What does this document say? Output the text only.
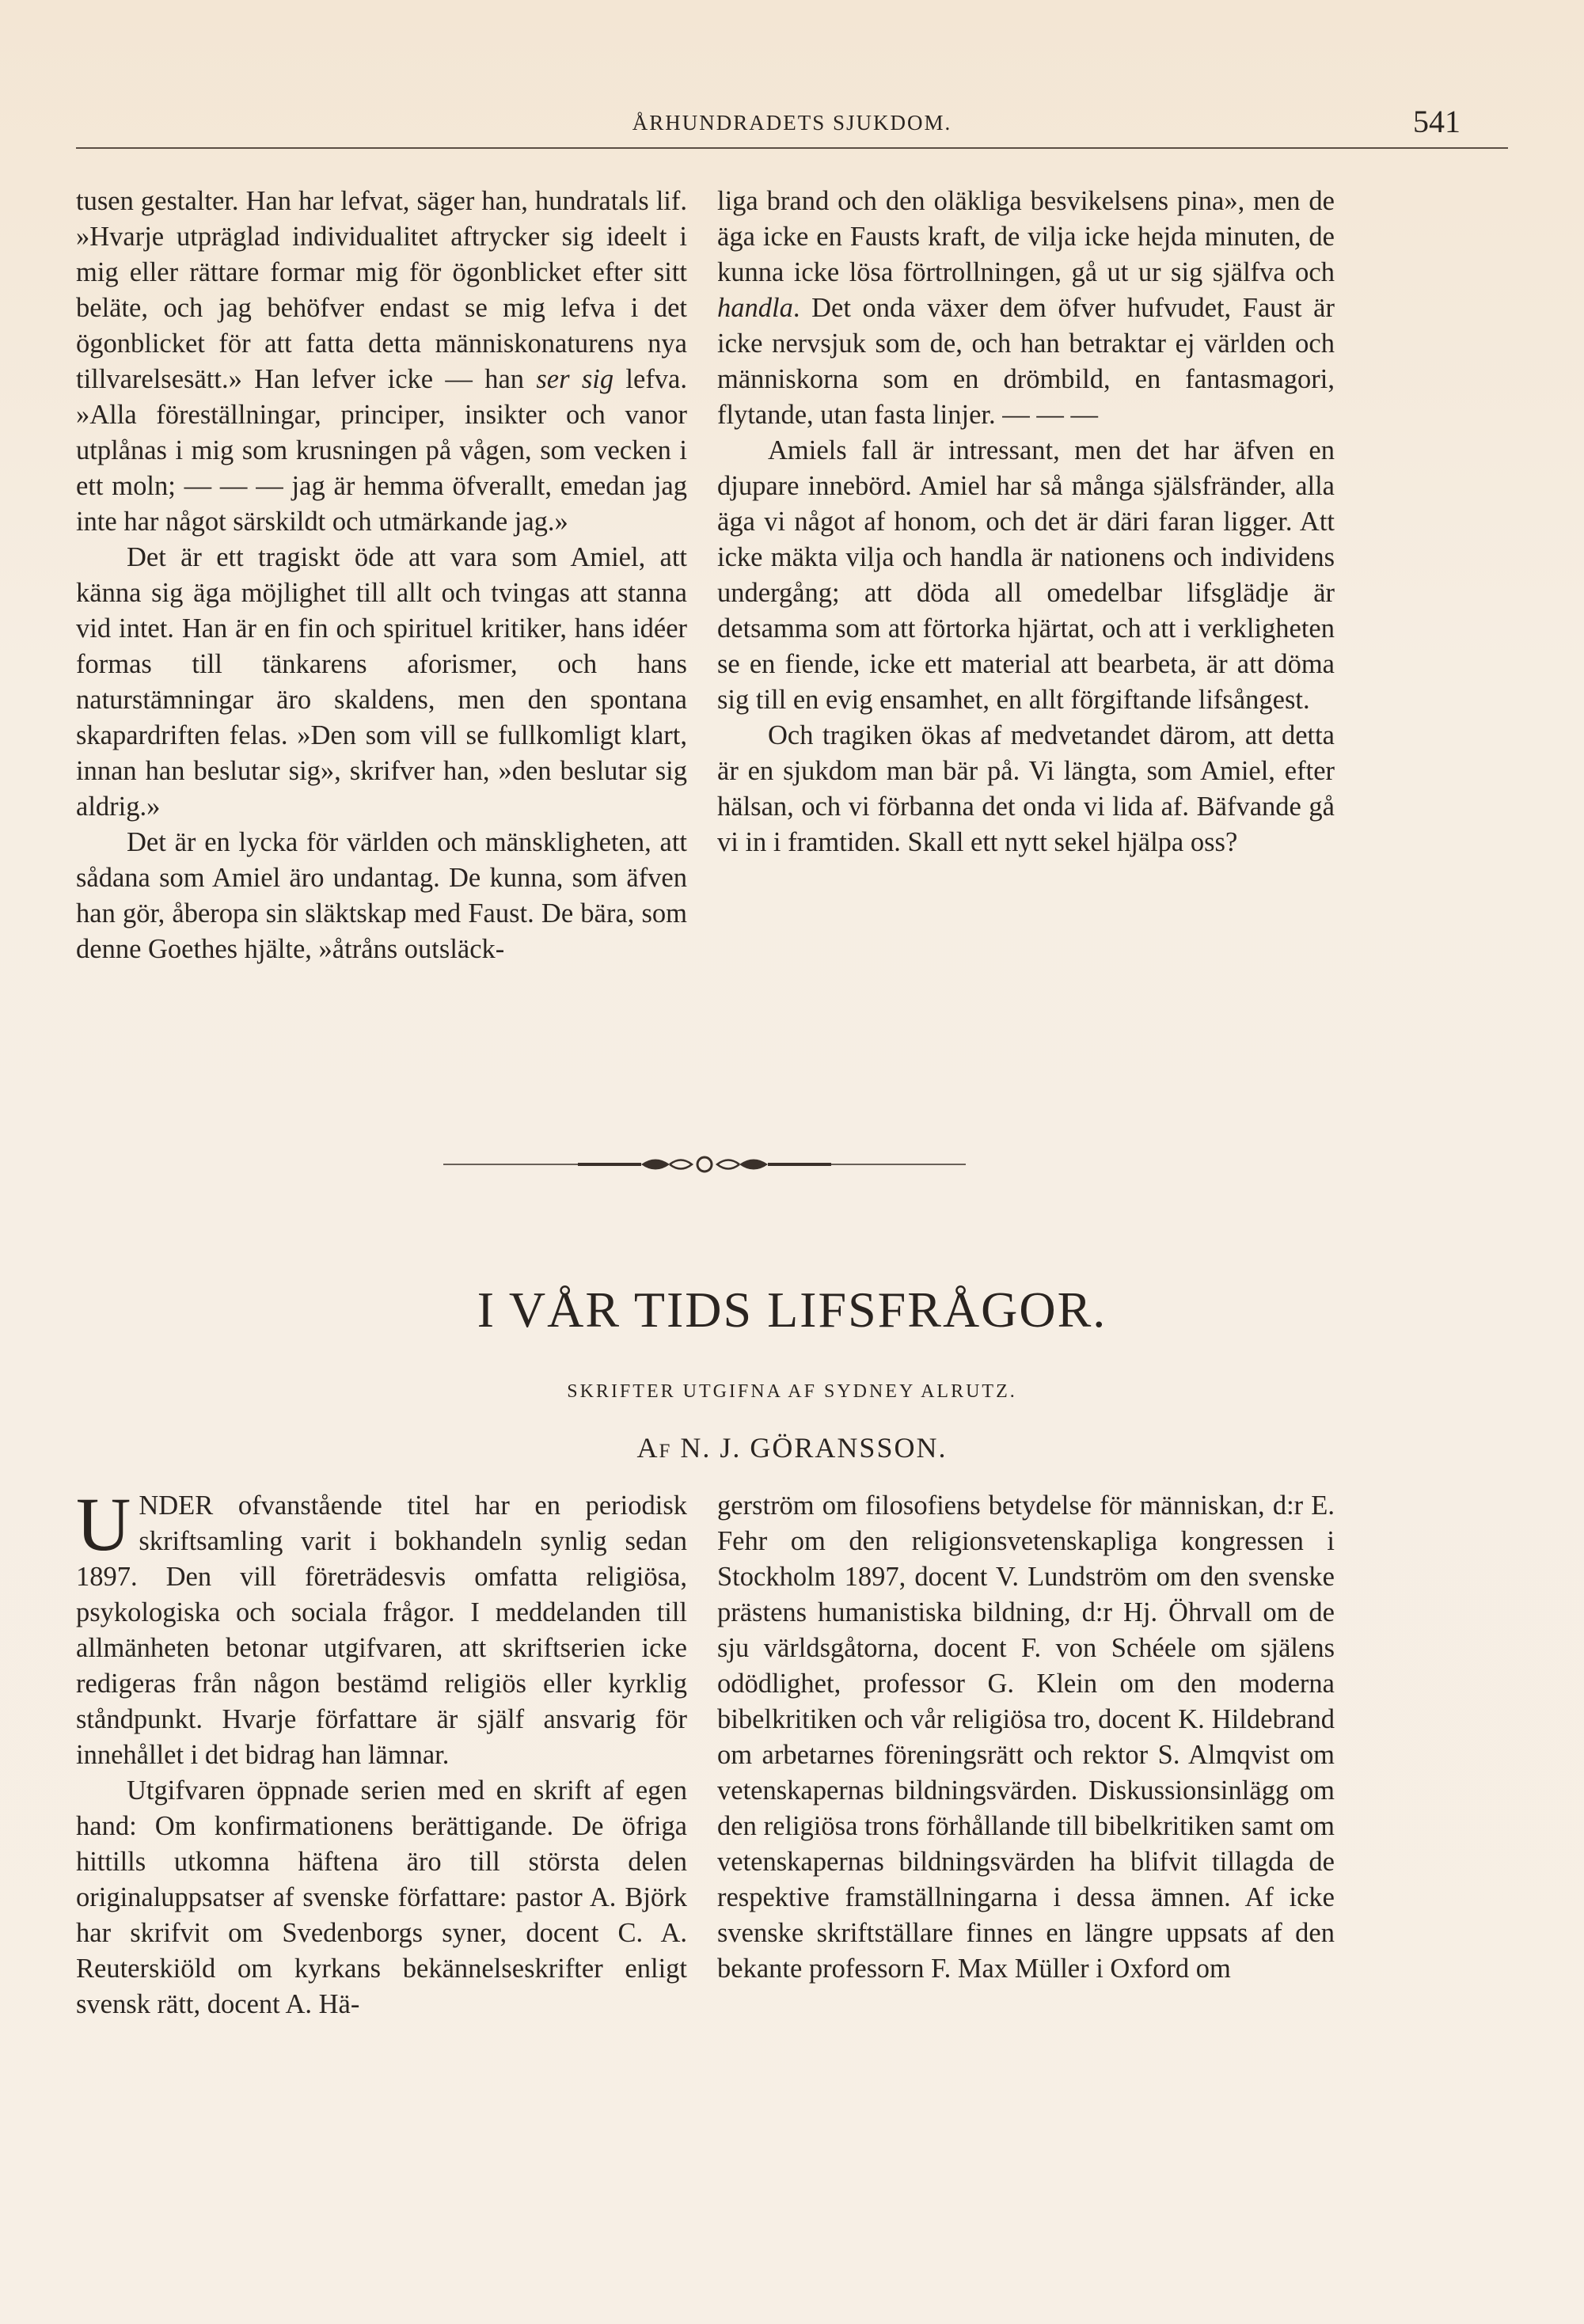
ÅRHUNDRADETS SJUKDOM.	541

tusen gestalter. Han har lefvat, säger han, hundratals lif. »Hvarje utpräglad individualitet aftrycker sig ideelt i mig eller rättare formar mig för ögonblicket efter sitt beläte, och jag behöfver endast se mig lefva i det ögonblicket för att fatta detta människonaturens nya tillvarelsesätt.» Han lefver icke — han ser sig lefva. »Alla föreställningar, principer, insikter och vanor utplånas i mig som krusningen på vågen, som vecken i ett moln; — — — jag är hemma öfverallt, emedan jag inte har något särskildt och utmärkande jag.»

Det är ett tragiskt öde att vara som Amiel, att känna sig äga möjlighet till allt och tvingas att stanna vid intet. Han är en fin och spirituel kritiker, hans idéer formas till tänkarens aforismer, och hans naturstämningar äro skaldens, men den spontana skapardriften felas. »Den som vill se fullkomligt klart, innan han beslutar sig», skrifver han, »den beslutar sig aldrig.»

Det är en lycka för världen och mänskligheten, att sådana som Amiel äro undantag. De kunna, som äfven han gör, åberopa sin släktskap med Faust. De bära, som denne Goethes hjälte, »åtråns outsläck-

liga brand och den oläkliga besvikelsens pina», men de äga icke en Fausts kraft, de vilja icke hejda minuten, de kunna icke lösa förtrollningen, gå ut ur sig själfva och handla. Det onda växer dem öfver hufvudet, Faust är icke nervsjuk som de, och han betraktar ej världen och människorna som en drömbild, en fantasmagori, flytande, utan fasta linjer. — — —

Amiels fall är intressant, men det har äfven en djupare innebörd. Amiel har så många själsfränder, alla äga vi något af honom, och det är däri faran ligger. Att icke mäkta vilja och handla är nationens och individens undergång; att döda all omedelbar lifsglädje är detsamma som att förtorka hjärtat, och att i verkligheten se en fiende, icke ett material att bearbeta, är att döma sig till en evig ensamhet, en allt förgiftande lifsångest.

Och tragiken ökas af medvetandet därom, att detta är en sjukdom man bär på. Vi längta, som Amiel, efter hälsan, och vi förbanna det onda vi lida af. Bäfvande gå vi in i framtiden. Skall ett nytt sekel hjälpa oss?

I VÅR TIDS LIFSFRÅGOR.
SKRIFTER UTGIFNA AF SYDNEY ALRUTZ.
Af N. J. GÖRANSSON.

UNDER ofvanstående titel har en periodisk skriftsamling varit i bokhandeln synlig sedan 1897. Den vill företrädesvis omfatta religiösa, psykologiska och sociala frågor. I meddelanden till allmänheten betonar utgifvaren, att skriftserien icke redigeras från någon bestämd religiös eller kyrklig ståndpunkt. Hvarje författare är själf ansvarig för innehållet i det bidrag han lämnar.

Utgifvaren öppnade serien med en skrift af egen hand: Om konfirmationens berättigande. De öfriga hittills utkomna häftena äro till största delen originaluppsatser af svenske författare: pastor A. Björk har skrifvit om Svedenborgs syner, docent C. A. Reuterskiöld om kyrkans bekännelseskrifter enligt svensk rätt, docent A. Hä-

gerström om filosofiens betydelse för människan, d:r E. Fehr om den religionsvetenskapliga kongressen i Stockholm 1897, docent V. Lundström om den svenske prästens humanistiska bildning, d:r Hj. Öhrvall om de sju världsgåtorna, docent F. von Schéele om själens odödlighet, professor G. Klein om den moderna bibelkritiken och vår religiösa tro, docent K. Hildebrand om arbetarnes föreningsrätt och rektor S. Almqvist om vetenskapernas bildningsvärden. Diskussionsinlägg om den religiösa trons förhållande till bibelkritiken samt om vetenskapernas bildningsvärden ha blifvit tillagda de respektive framställningarna i dessa ämnen. Af icke svenske skriftställare finnes en längre uppsats af den bekante professorn F. Max Müller i Oxford om
